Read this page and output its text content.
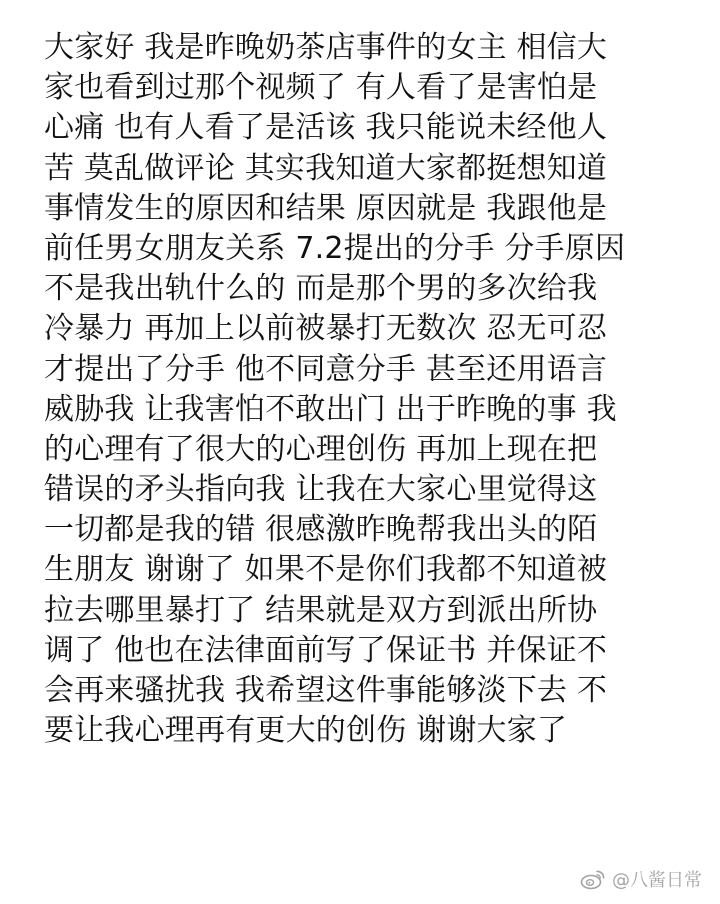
大家好 我是昨晚奶茶店事件的女主 相信大
家也看到过那个视频了 有人看了是害怕是
心痛 也有人看了是活该 我只能说未经他人
苦 莫乱做评论 其实我知道大家都挺想知道
事情发生的原因和结果 原因就是 我跟他是
前任男女朋友关系 7.2提出的分手 分手原因
不是我出轨什么的 而是那个男的多次给我
冷暴力 再加上以前被暴打无数次 忍无可忍
才提出了分手 他不同意分手 甚至还用语言
威胁我 让我害怕不敢出门 出于昨晚的事 我
的心理有了很大的心理创伤 再加上现在把
错误的矛头指向我 让我在大家心里觉得这
一切都是我的错 很感激昨晚帮我出头的陌
生朋友 谢谢了 如果不是你们我都不知道被
拉去哪里暴打了 结果就是双方到派出所协
调了 他也在法律面前写了保证书 并保证不
会再来骚扰我 我希望这件事能够淡下去 不
要让我心理再有更大的创伤 谢谢大家了
@八酱日常
